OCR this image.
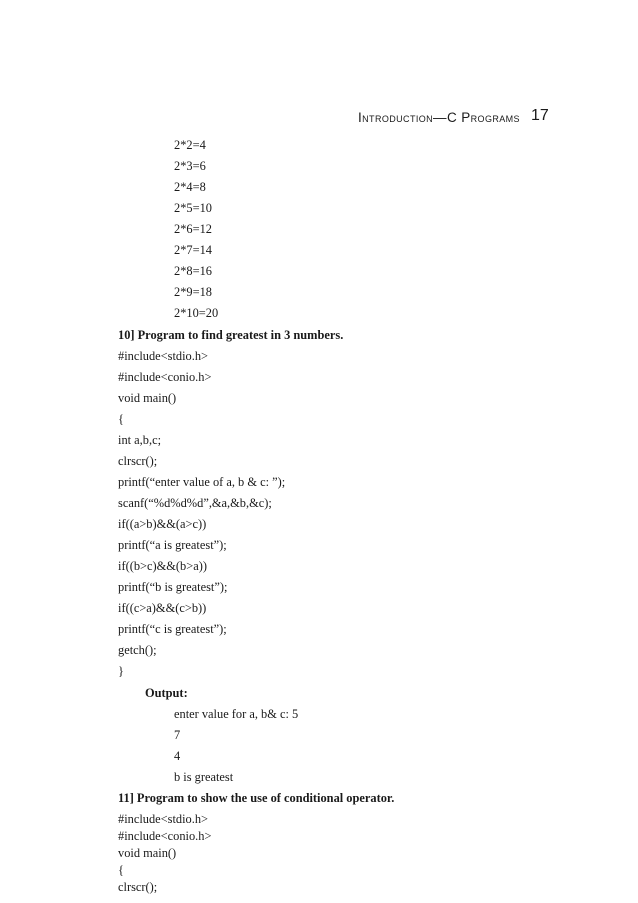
Introduction—C Programs 17
2*2=4
2*3=6
2*4=8
2*5=10
2*6=12
2*7=14
2*8=16
2*9=18
2*10=20
10] Program to find greatest in 3 numbers.
#include<stdio.h>
#include<conio.h>
void main()
{
int a,b,c;
clrscr();
printf(“enter value of a, b & c: ”);
scanf(“%d%d%d”,&a,&b,&c);
if((a>b)&&(a>c))
printf(“a is greatest”);
if((b>c)&&(b>a))
printf(“b is greatest”);
if((c>a)&&(c>b))
printf(“c is greatest”);
getch();
}
Output:
enter value for a, b& c: 5
7
4
b is greatest
11] Program to show the use of conditional operator.
#include<stdio.h>
#include<conio.h>
void main()
{
clrscr();
